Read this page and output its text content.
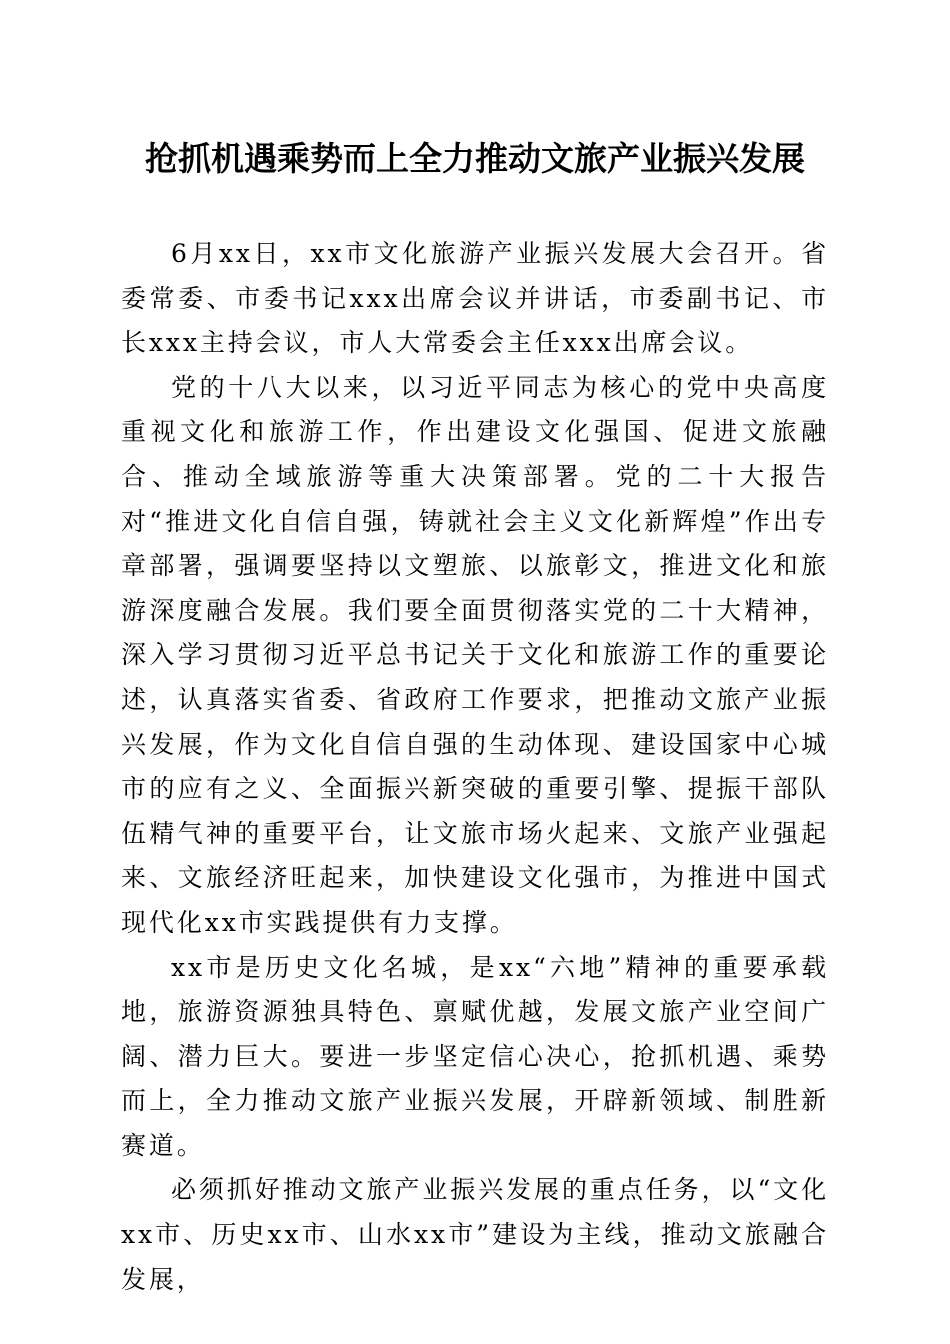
抢抓机遇乘势而上全力推动文旅产业振兴发展

6月xx日，xx市文化旅游产业振兴发展大会召开。省委常委、市委书记xxx出席会议并讲话，市委副书记、市长xxx主持会议，市人大常委会主任xxx出席会议。

党的十八大以来，以习近平同志为核心的党中央高度重视文化和旅游工作，作出建设文化强国、促进文旅融合、推动全域旅游等重大决策部署。党的二十大报告对“推进文化自信自强，铸就社会主义文化新辉煌”作出专章部署，强调要坚持以文塑旅、以旅彰文，推进文化和旅游深度融合发展。我们要全面贯彻落实党的二十大精神，深入学习贯彻习近平总书记关于文化和旅游工作的重要论述，认真落实省委、省政府工作要求，把推动文旅产业振兴发展，作为文化自信自强的生动体现、建设国家中心城市的应有之义、全面振兴新突破的重要引擎、提振干部队伍精气神的重要平台，让文旅市场火起来、文旅产业强起来、文旅经济旺起来，加快建设文化强市，为推进中国式现代化xx市实践提供有力支撑。

xx市是历史文化名城，是xx“六地”精神的重要承载地，旅游资源独具特色、禀赋优越，发展文旅产业空间广阔、潜力巨大。要进一步坚定信心决心，抢抓机遇、乘势而上，全力推动文旅产业振兴发展，开辟新领域、制胜新赛道。

必须抓好推动文旅产业振兴发展的重点任务，以“文化xx市、历史xx市、山水xx市”建设为主线，推动文旅融合发展，
